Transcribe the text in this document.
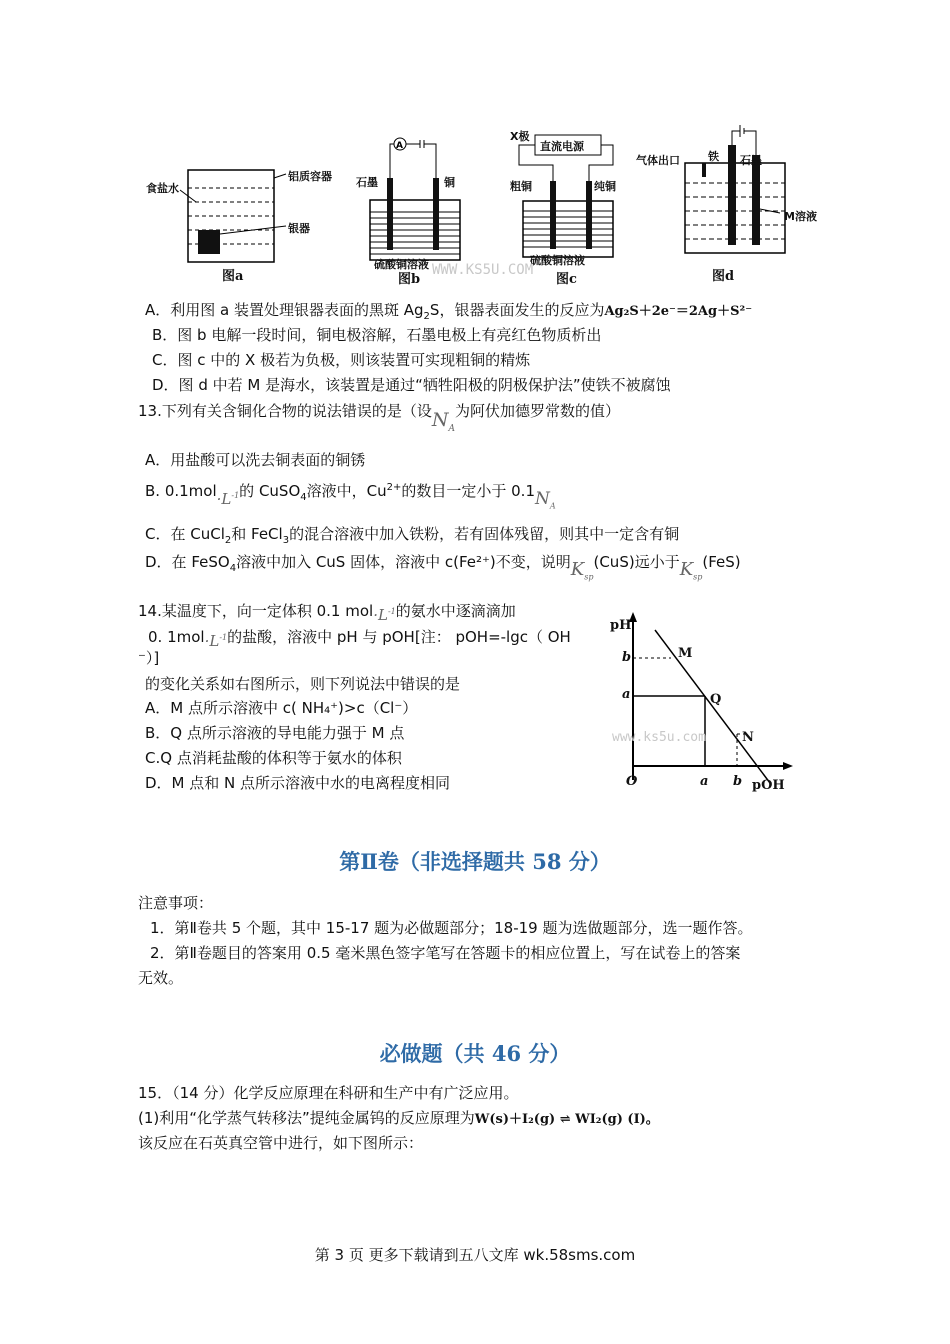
食盐水
铝质容器
银器
图a
A
石墨	铜
硫酸铜溶液
图b
X极
直流电源
粗铜	纯铜
硫酸铜溶液
图c
气体出口	铁 石墨
M溶液
图d
WWW.KS5U.COM
A．利用图 a 装置处理银器表面的黑斑 $Ag_2S$，银器表面发生的反应为Ag₂S＋2e⁻＝2Ag＋S²⁻
B．图 b 电解一段时间，铜电极溶解，石墨电极上有亮红色物质析出
C．图 c 中的 X 极若为负极，则该装置可实现粗铜的精炼
D．图 d 中若 M 是海水，该装置是通过“牺牲阳极的阴极保护法”使铁不被腐蚀
13.下列有关含铜化合物的说法错误的是（设$N_A$为阿伏加德罗常数的值）
A．用盐酸可以洗去铜表面的铜锈
B. $0.1mol\cdot L^{-1}$的 CuSO$_4$溶液中，$Cu^{2+}$的数目一定小于 $0.1N_A$
C．在 CuCl$_2$和 FeCl$_3$的混合溶液中加入铁粉，若有固体残留，则其中一定含有铜
D．在 FeSO$_4$溶液中加入 CuS 固体，溶液中 c(Fe²⁺)不变，说明$K_{sp}(CuS)$远小于$K_{sp}(FeS)$
14.某温度下，向一定体积 0.1 $mol\cdot L^{-1}$的氨水中逐滴滴加
0. $1mol\cdot L^{-1}$的盐酸，溶液中 pH 与 pOH[注： pOH=-lgc（ OH
⁻）]
的变化关系如右图所示，则下列说法中错误的是
A．M 点所示溶液中 c( NH₄⁺)>c（Cl⁻）
B．Q 点所示溶液的导电能力强于 M 点
C.Q 点消耗盐酸的体积等于氨水的体积
D．M 点和 N 点所示溶液中水的电离程度相同
pH
pOH
O
b
a
a b
M
Q
N
www.ks5u.com
第Ⅱ卷（非选择题共 58 分）
注意事项：
1．第Ⅱ卷共 5 个题，其中 15-17 题为必做题部分；18-19 题为选做题部分，选一题作答。
2．第Ⅱ卷题目的答案用 0.5 毫米黑色签字笔写在答题卡的相应位置上，写在试卷上的答案
无效。
必做题（共 46 分）
15．（14 分）化学反应原理在科研和生产中有广泛应用。
(1)利用“化学蒸气转移法”提纯金属钨的反应原理为W(s)＋I₂(g) ⇌ WI₂(g) (I)。
该反应在石英真空管中进行，如下图所示：
第 3 页 更多下载请到五八文库 wk.58sms.com
